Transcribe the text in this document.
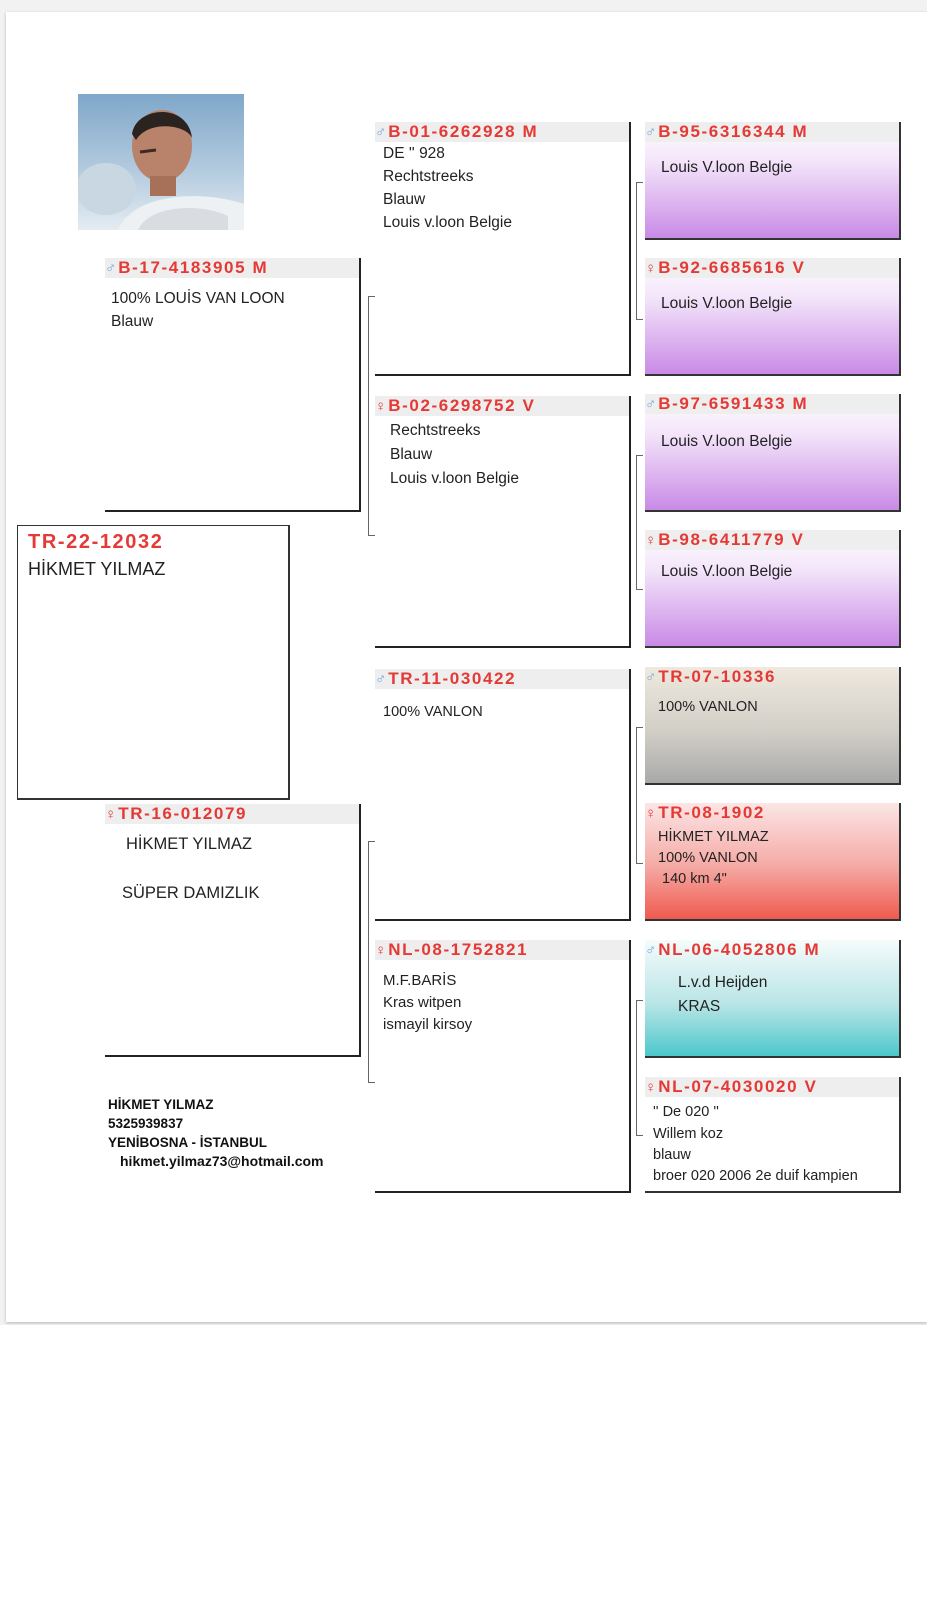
TR-22-12032
HİKMET YILMAZ
♂ B-17-4183905 M
100% LOUİS VAN LOON
Blauw
♀ TR-16-012079
HİKMET YILMAZ
SÜPER DAMIZLIK
♂ B-01-6262928 M
DE '' 928
Rechtstreeks
Blauw
Louis v.loon Belgie
♀ B-02-6298752 V
Rechtstreeks
Blauw
Louis v.loon Belgie
♂ TR-11-030422
100% VANLON
♀ NL-08-1752821
M.F.BARİS
Kras witpen
ismayil kirsoy
♂ B-95-6316344 M
Louis V.loon Belgie
♀ B-92-6685616 V
Louis V.loon Belgie
♂ B-97-6591433 M
Louis V.loon Belgie
♀ B-98-6411779 V
Louis V.loon Belgie
♂ TR-07-10336
100% VANLON
♀ TR-08-1902
HİKMET YILMAZ
100% VANLON
140 km 4"
♂ NL-06-4052806 M
L.v.d Heijden
KRAS
♀ NL-07-4030020 V
'' De 020 ''
Willem koz
blauw
broer 020 2006 2e duif kampien
HİKMET YILMAZ
5325939837
YENİBOSNA - İSTANBUL
hikmet.yilmaz73@hotmail.com
